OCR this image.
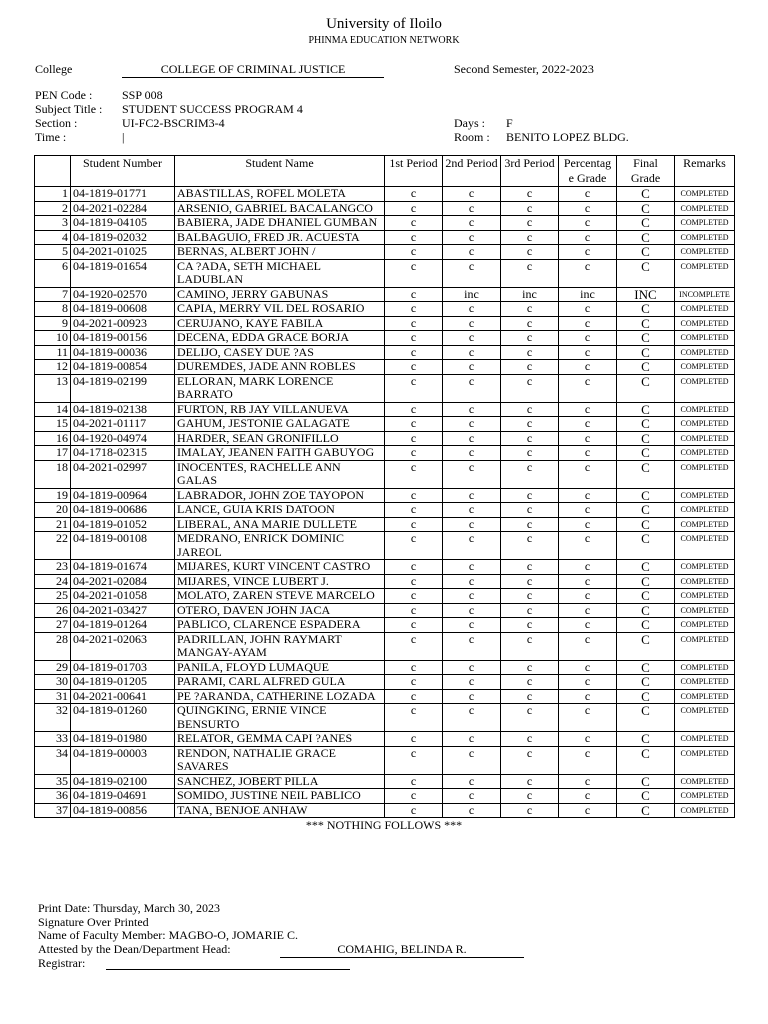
University of Iloilo
PHINMA EDUCATION NETWORK
College	COLLEGE OF CRIMINAL JUSTICE	Second Semester, 2022-2023
PEN Code : SSP 008
Subject Title : STUDENT SUCCESS PROGRAM 4
Section :	UI-FC2-BSCRIM3-4	Days : F
Time :	|	Room : BENITO LOPEZ BLDG.
	Student Number	Student Name	1st Period	2nd Period	3rd Period	Percentag e Grade	Final Grade	Remarks
1	04-1819-01771	ABASTILLAS, ROFEL MOLETA	c	c	c	c	C	COMPLETED
2	04-2021-02284	ARSENIO, GABRIEL BACALANGCO	c	c	c	c	C	COMPLETED
3	04-1819-04105	BABIERA, JADE DHANIEL GUMBAN	c	c	c	c	C	COMPLETED
4	04-1819-02032	BALBAGUIO, FRED JR. ACUESTA	c	c	c	c	C	COMPLETED
5	04-2021-01025	BERNAS, ALBERT JOHN /	c	c	c	c	C	COMPLETED
6	04-1819-01654	CA ?ADA, SETH MICHAEL LADUBLAN	c	c	c	c	C	COMPLETED
7	04-1920-02570	CAMINO, JERRY GABUNAS	c	inc	inc	inc	INC	INCOMPLETE
8	04-1819-00608	CAPIA, MERRY VIL DEL ROSARIO	c	c	c	c	C	COMPLETED
9	04-2021-00923	CERUJANO, KAYE FABILA	c	c	c	c	C	COMPLETED
10	04-1819-00156	DECENA, EDDA GRACE BORJA	c	c	c	c	C	COMPLETED
11	04-1819-00036	DELIJO, CASEY DUE ?AS	c	c	c	c	C	COMPLETED
12	04-1819-00854	DUREMDES, JADE ANN ROBLES	c	c	c	c	C	COMPLETED
13	04-1819-02199	ELLORAN, MARK LORENCE BARRATO	c	c	c	c	C	COMPLETED
14	04-1819-02138	FURTON, RB JAY VILLANUEVA	c	c	c	c	C	COMPLETED
15	04-2021-01117	GAHUM, JESTONIE GALAGATE	c	c	c	c	C	COMPLETED
16	04-1920-04974	HARDER, SEAN GRONIFILLO	c	c	c	c	C	COMPLETED
17	04-1718-02315	IMALAY, JEANEN FAITH GABUYOG	c	c	c	c	C	COMPLETED
18	04-2021-02997	INOCENTES, RACHELLE ANN GALAS	c	c	c	c	C	COMPLETED
19	04-1819-00964	LABRADOR, JOHN ZOE TAYOPON	c	c	c	c	C	COMPLETED
20	04-1819-00686	LANCE, GUIA KRIS DATOON	c	c	c	c	C	COMPLETED
21	04-1819-01052	LIBERAL, ANA MARIE DULLETE	c	c	c	c	C	COMPLETED
22	04-1819-00108	MEDRANO, ENRICK DOMINIC JAREOL	c	c	c	c	C	COMPLETED
23	04-1819-01674	MIJARES, KURT VINCENT CASTRO	c	c	c	c	C	COMPLETED
24	04-2021-02084	MIJARES, VINCE LUBERT J.	c	c	c	c	C	COMPLETED
25	04-2021-01058	MOLATO, ZAREN STEVE MARCELO	c	c	c	c	C	COMPLETED
26	04-2021-03427	OTERO, DAVEN JOHN JACA	c	c	c	c	C	COMPLETED
27	04-1819-01264	PABLICO, CLARENCE ESPADERA	c	c	c	c	C	COMPLETED
28	04-2021-02063	PADRILLAN, JOHN RAYMART MANGAY-AYAM	c	c	c	c	C	COMPLETED
29	04-1819-01703	PANILA, FLOYD LUMAQUE	c	c	c	c	C	COMPLETED
30	04-1819-01205	PARAMI, CARL ALFRED GULA	c	c	c	c	C	COMPLETED
31	04-2021-00641	PE ?ARANDA, CATHERINE LOZADA	c	c	c	c	C	COMPLETED
32	04-1819-01260	QUINGKING, ERNIE VINCE BENSURTO	c	c	c	c	C	COMPLETED
33	04-1819-01980	RELATOR, GEMMA CAPI ?ANES	c	c	c	c	C	COMPLETED
34	04-1819-00003	RENDON, NATHALIE GRACE SAVARES	c	c	c	c	C	COMPLETED
35	04-1819-02100	SANCHEZ, JOBERT PILLA	c	c	c	c	C	COMPLETED
36	04-1819-04691	SOMIDO, JUSTINE NEIL PABLICO	c	c	c	c	C	COMPLETED
37	04-1819-00856	TANA, BENJOE ANHAW	c	c	c	c	C	COMPLETED
*** NOTHING FOLLOWS ***
Print Date: Thursday, March 30, 2023
Signature Over Printed
Name of Faculty Member: MAGBO-O, JOMARIE C.
Attested by the Dean/Department Head:	COMAHIG, BELINDA R.
Registrar:
